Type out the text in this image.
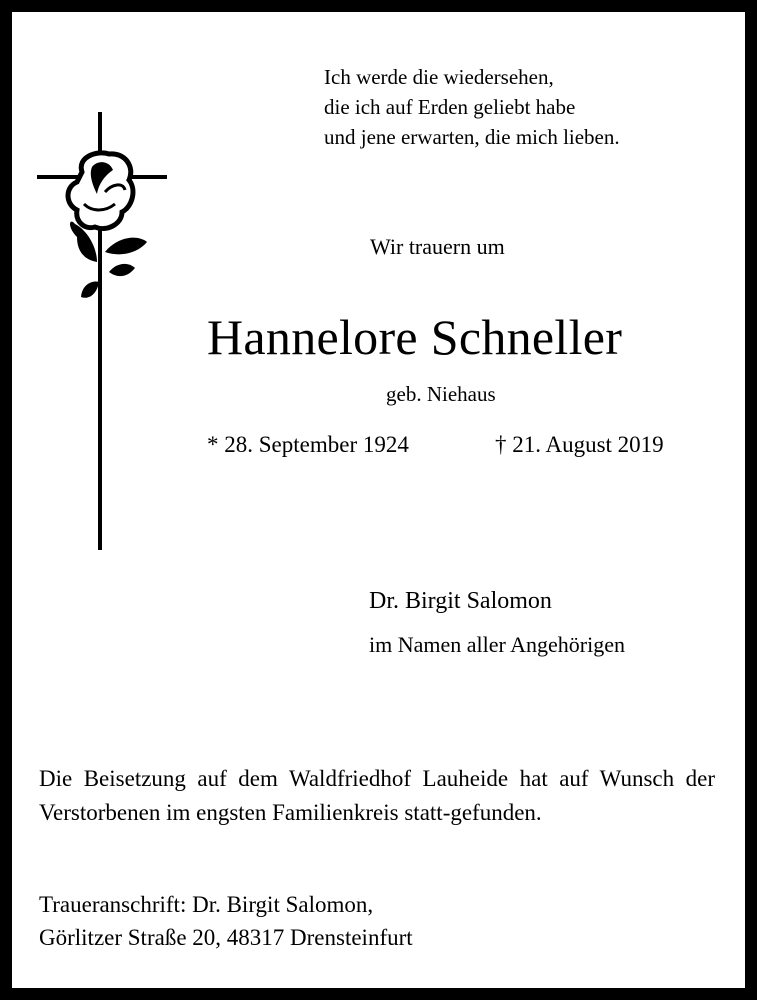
Ich werde die wiedersehen,
die ich auf Erden geliebt habe
und jene erwarten, die mich lieben.
Wir trauern um
Hannelore Schneller
geb. Niehaus
* 28. September 1924	† 21. August 2019
Dr. Birgit Salomon
im Namen aller Angehörigen
Die Beisetzung auf dem Waldfriedhof Lauheide hat auf Wunsch der Verstorbenen im engsten Familienkreis statt-gefunden.
Traueranschrift: Dr. Birgit Salomon,
Görlitzer Straße 20, 48317 Drensteinfurt
